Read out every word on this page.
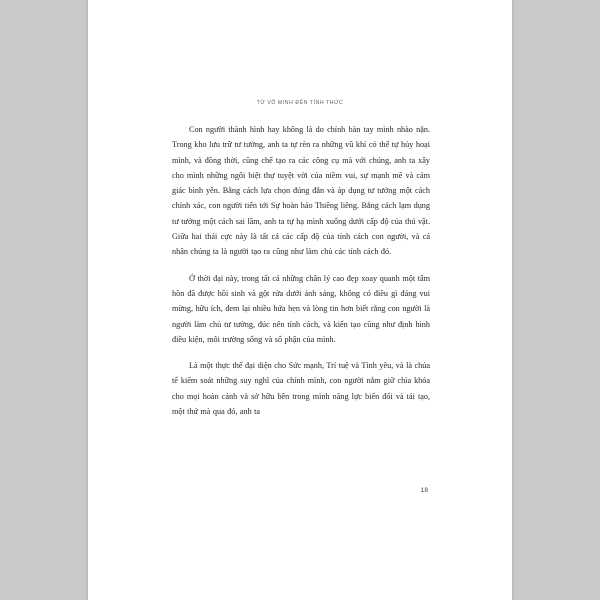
TỪ VÔ MINH ĐẾN TỈNH THỨC

Con người thành hình hay không là do chính bàn tay mình nhào nặn. Trong kho lưu trữ tư tưởng, anh ta tự rèn ra những vũ khí có thể tự hủy hoại mình, và đồng thời, cũng chế tạo ra các công cụ mà với chúng, anh ta xây cho mình những ngôi biệt thự tuyệt vời của niềm vui, sự mạnh mẽ và cảm giác bình yên. Bằng cách lựa chọn đúng đắn và áp dụng tư tưởng một cách chính xác, con người tiến tới Sự hoàn hảo Thiêng liêng. Bằng cách lạm dụng tư tưởng một cách sai lầm, anh ta tự hạ mình xuống dưới cấp độ của thú vật. Giữa hai thái cực này là tất cả các cấp độ của tính cách con người, và cá nhân chúng ta là người tạo ra cũng như làm chủ các tính cách đó.

Ở thời đại này, trong tất cả những chân lý cao đẹp xoay quanh một tâm hồn đã được hồi sinh và gột rửa dưới ánh sáng, không có điều gì đáng vui mừng, hữu ích, đem lại nhiều hứa hẹn và lòng tin hơn biết rằng con người là người làm chủ tư tưởng, đúc nên tính cách, và kiến tạo cũng như định hình điều kiện, môi trường sống và số phận của mình.

Là một thực thể đại diện cho Sức mạnh, Trí tuệ và Tình yêu, và là chúa tể kiểm soát những suy nghĩ của chính mình, con người nắm giữ chìa khóa cho mọi hoàn cảnh và sở hữu bên trong mình năng lực biến đổi và tái tạo, một thứ mà qua đó, anh ta

18
